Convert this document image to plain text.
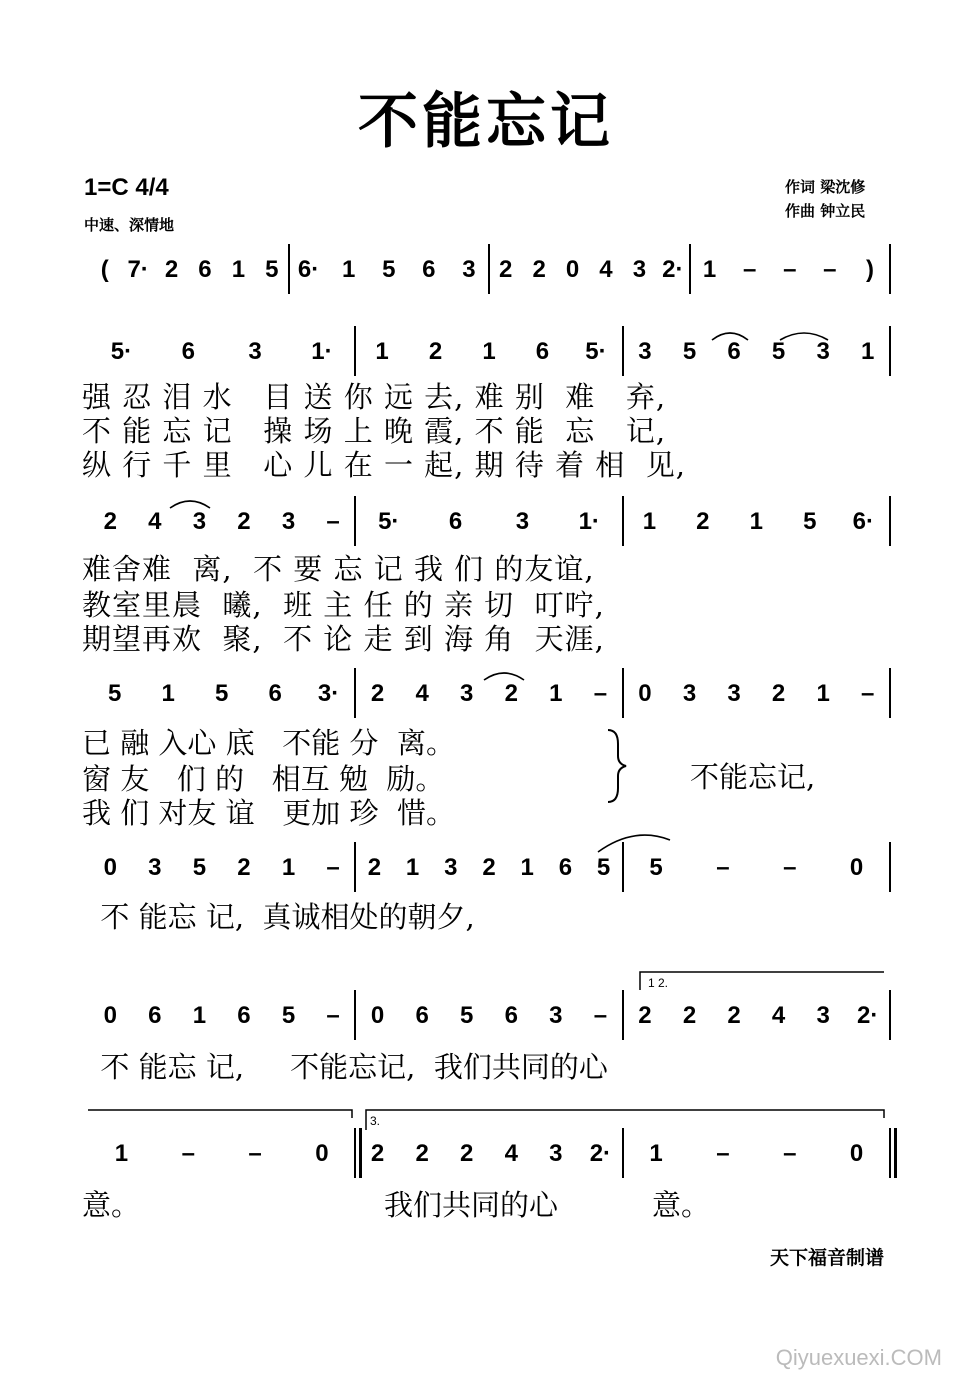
不能忘记
1=C 4/4
中速、深情地
作词 梁沈修
作曲 钟立民
( 7· 2 6 1 5 6· 1 5 6 3 2 2 0 4 3 2· 1 – – –	)
5· 6 3 1· 1 2 1 6 5· 3 5 6 5 3 1
2 4 3 2 3 – 5· 6 3 1· 1 2 1 5 6·
5 1 5 6 3· 2 4 3 2 1 – 0 3 3 2 1 –
0 3 5 2 1 – 2 1 3 2 1 6 5 5 – – 0
0 6 1 6 5 – 0 6 5 6 3 – 2 2 2 4 3 2·
1 – – 0 2 2 2 4 3 2· 1 – – 0
强 忍 泪 水   目 送 你 远 去, 难 别  难   弃,
不 能 忘 记   操 场 上 晚 霞, 不 能  忘   记,
纵 行 千 里   心 儿 在 一 起, 期 待 着 相  见,
难舍难  离,  不 要 忘 记 我 们 的友谊,
教室里晨  曦,  班 主 任 的 亲 切  叮咛,
期望再欢  聚,  不 论 走 到 海 角  天涯,
已 融 入心 底   不能 分  离。
窗 友   们 的   相互 勉  励。
我 们 对友 谊   更加 珍  惜。
不能忘记,
不 能忘 记,  真诚相处的朝夕,
不 能忘 记,     不能忘记,  我们共同的心
意。	我们共同的心	意。
1 2.
3.
天下福音制谱
Qiyuexuexi.COM
